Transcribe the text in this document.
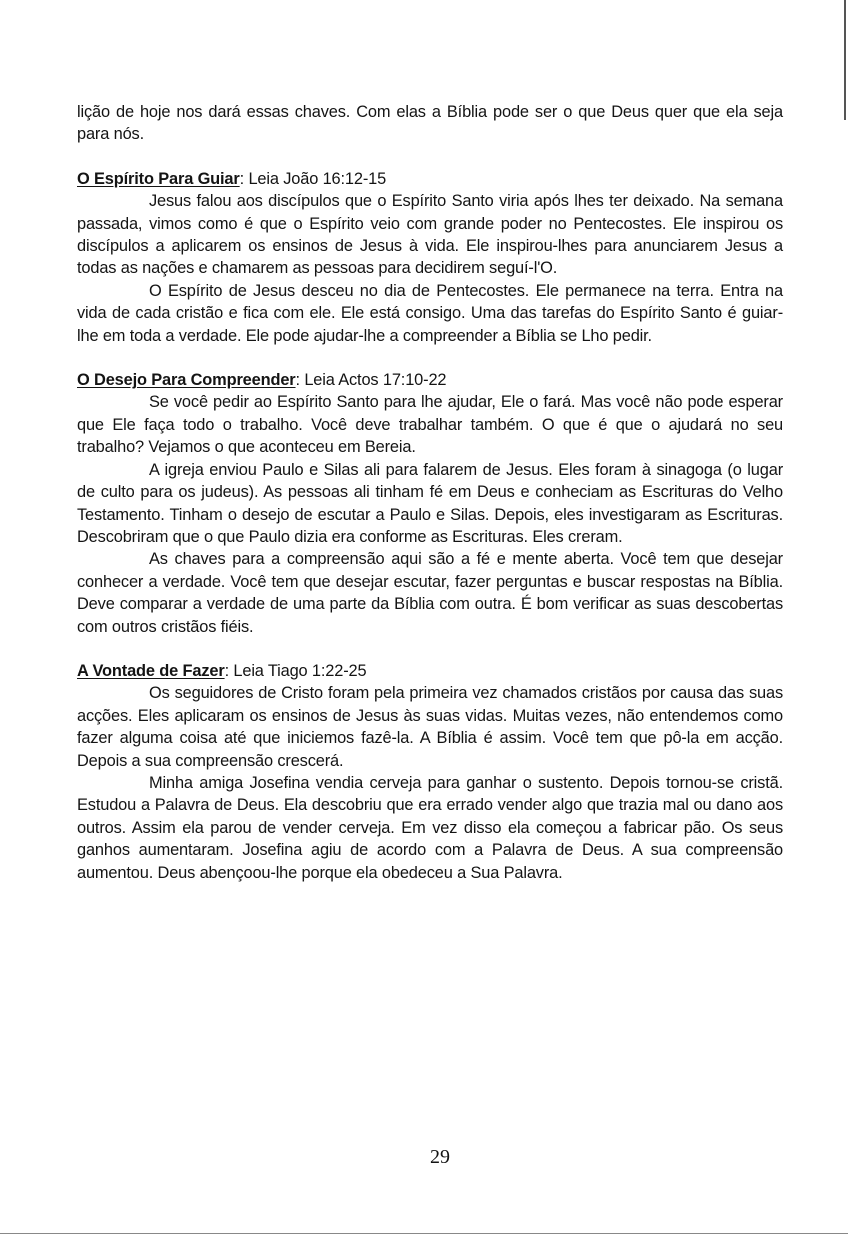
lição de hoje nos dará essas chaves. Com elas a Bíblia pode ser o que Deus quer que ela seja para nós.

O Espírito Para Guiar: Leia João 16:12-15

Jesus falou aos discípulos que o Espírito Santo viria após lhes ter deixado. Na semana passada, vimos como é que o Espírito veio com grande poder no Pentecostes. Ele inspirou os discípulos a aplicarem os ensinos de Jesus à vida. Ele inspirou-lhes para anunciarem Jesus a todas as nações e chamarem as pessoas para decidirem seguí-l'O.

O Espírito de Jesus desceu no dia de Pentecostes. Ele permanece na terra. Entra na vida de cada cristão e fica com ele. Ele está consigo. Uma das tarefas do Espírito Santo é guiar-lhe em toda a verdade. Ele pode ajudar-lhe a compreender a Bíblia se Lho pedir.

O Desejo Para Compreender: Leia Actos 17:10-22

Se você pedir ao Espírito Santo para lhe ajudar, Ele o fará. Mas você não pode esperar que Ele faça todo o trabalho. Você deve trabalhar também. O que é que o ajudará no seu trabalho? Vejamos o que aconteceu em Bereia.

A igreja enviou Paulo e Silas ali para falarem de Jesus. Eles foram à sinagoga (o lugar de culto para os judeus). As pessoas ali tinham fé em Deus e conheciam as Escrituras do Velho Testamento. Tinham o desejo de escutar a Paulo e Silas. Depois, eles investigaram as Escrituras. Descobriram que o que Paulo dizia era conforme as Escrituras. Eles creram.

As chaves para a compreensão aqui são a fé e mente aberta. Você tem que desejar conhecer a verdade. Você tem que desejar escutar, fazer perguntas e buscar respostas na Bíblia. Deve comparar a verdade de uma parte da Bíblia com outra. É bom verificar as suas descobertas com outros cristãos fiéis.

A Vontade de Fazer: Leia Tiago 1:22-25

Os seguidores de Cristo foram pela primeira vez chamados cristãos por causa das suas acções. Eles aplicaram os ensinos de Jesus às suas vidas. Muitas vezes, não entendemos como fazer alguma coisa até que iniciemos fazê-la. A Bíblia é assim. Você tem que pô-la em acção. Depois a sua compreensão crescerá.

Minha amiga Josefina vendia cerveja para ganhar o sustento. Depois tornou-se cristã. Estudou a Palavra de Deus. Ela descobriu que era errado vender algo que trazia mal ou dano aos outros. Assim ela parou de vender cerveja. Em vez disso ela começou a fabricar pão. Os seus ganhos aumentaram. Josefina agiu de acordo com a Palavra de Deus. A sua compreensão aumentou. Deus abençoou-lhe porque ela obedeceu a Sua Palavra.

29
